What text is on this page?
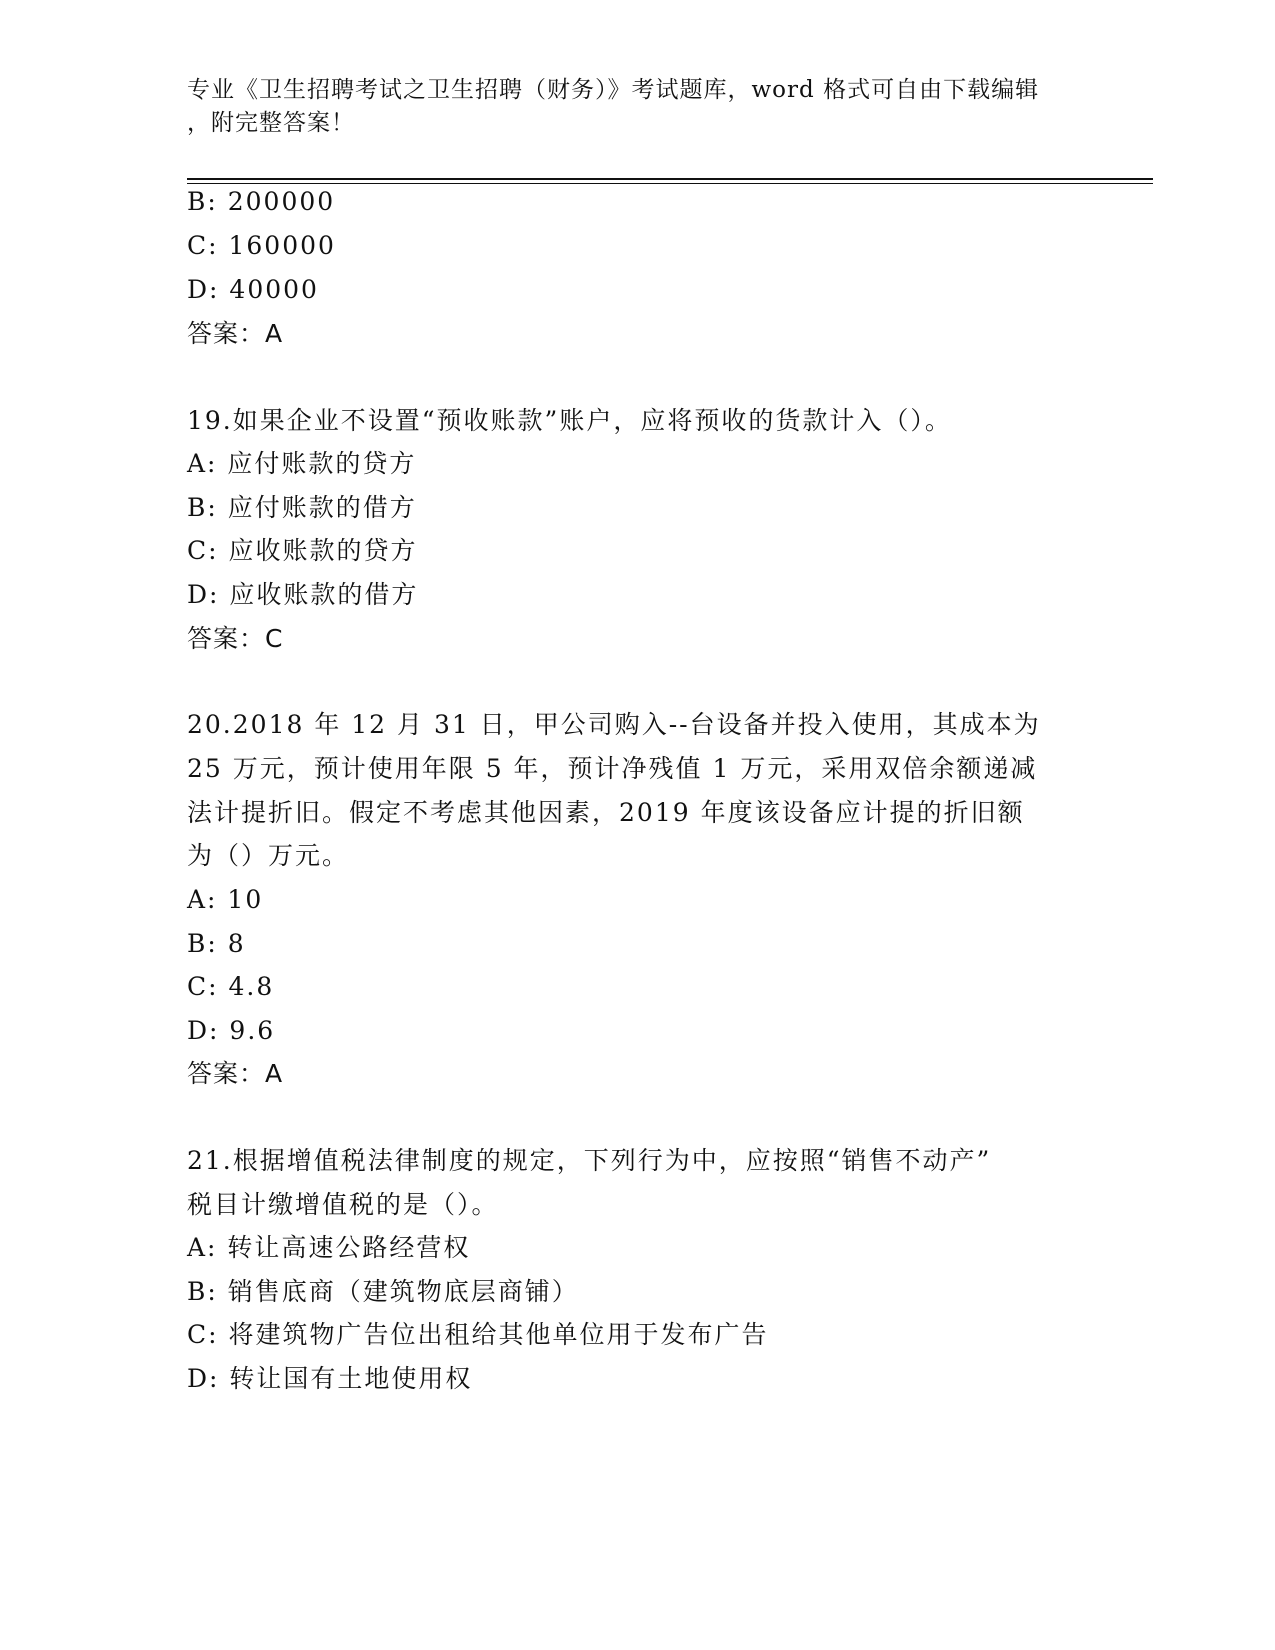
专业《卫生招聘考试之卫生招聘（财务）》考试题库，word 格式可自由下载编辑
，附完整答案！
B: 200000
C: 160000
D: 40000
答案：A
19.如果企业不设置“预收账款”账户，应将预收的货款计入（）。
A: 应付账款的贷方
B: 应付账款的借方
C: 应收账款的贷方
D: 应收账款的借方
答案：C
20.2018 年 12 月 31 日，甲公司购入--台设备并投入使用，其成本为
25 万元，预计使用年限 5 年，预计净残值 1 万元，采用双倍余额递减
法计提折旧。假定不考虑其他因素，2019 年度该设备应计提的折旧额
为（）万元。
A: 10
B: 8
C: 4.8
D: 9.6
答案：A
21.根据增值税法律制度的规定，下列行为中，应按照“销售不动产”
税目计缴增值税的是（）。
A: 转让高速公路经营权
B: 销售底商（建筑物底层商铺）
C: 将建筑物广告位出租给其他单位用于发布广告
D: 转让国有土地使用权
